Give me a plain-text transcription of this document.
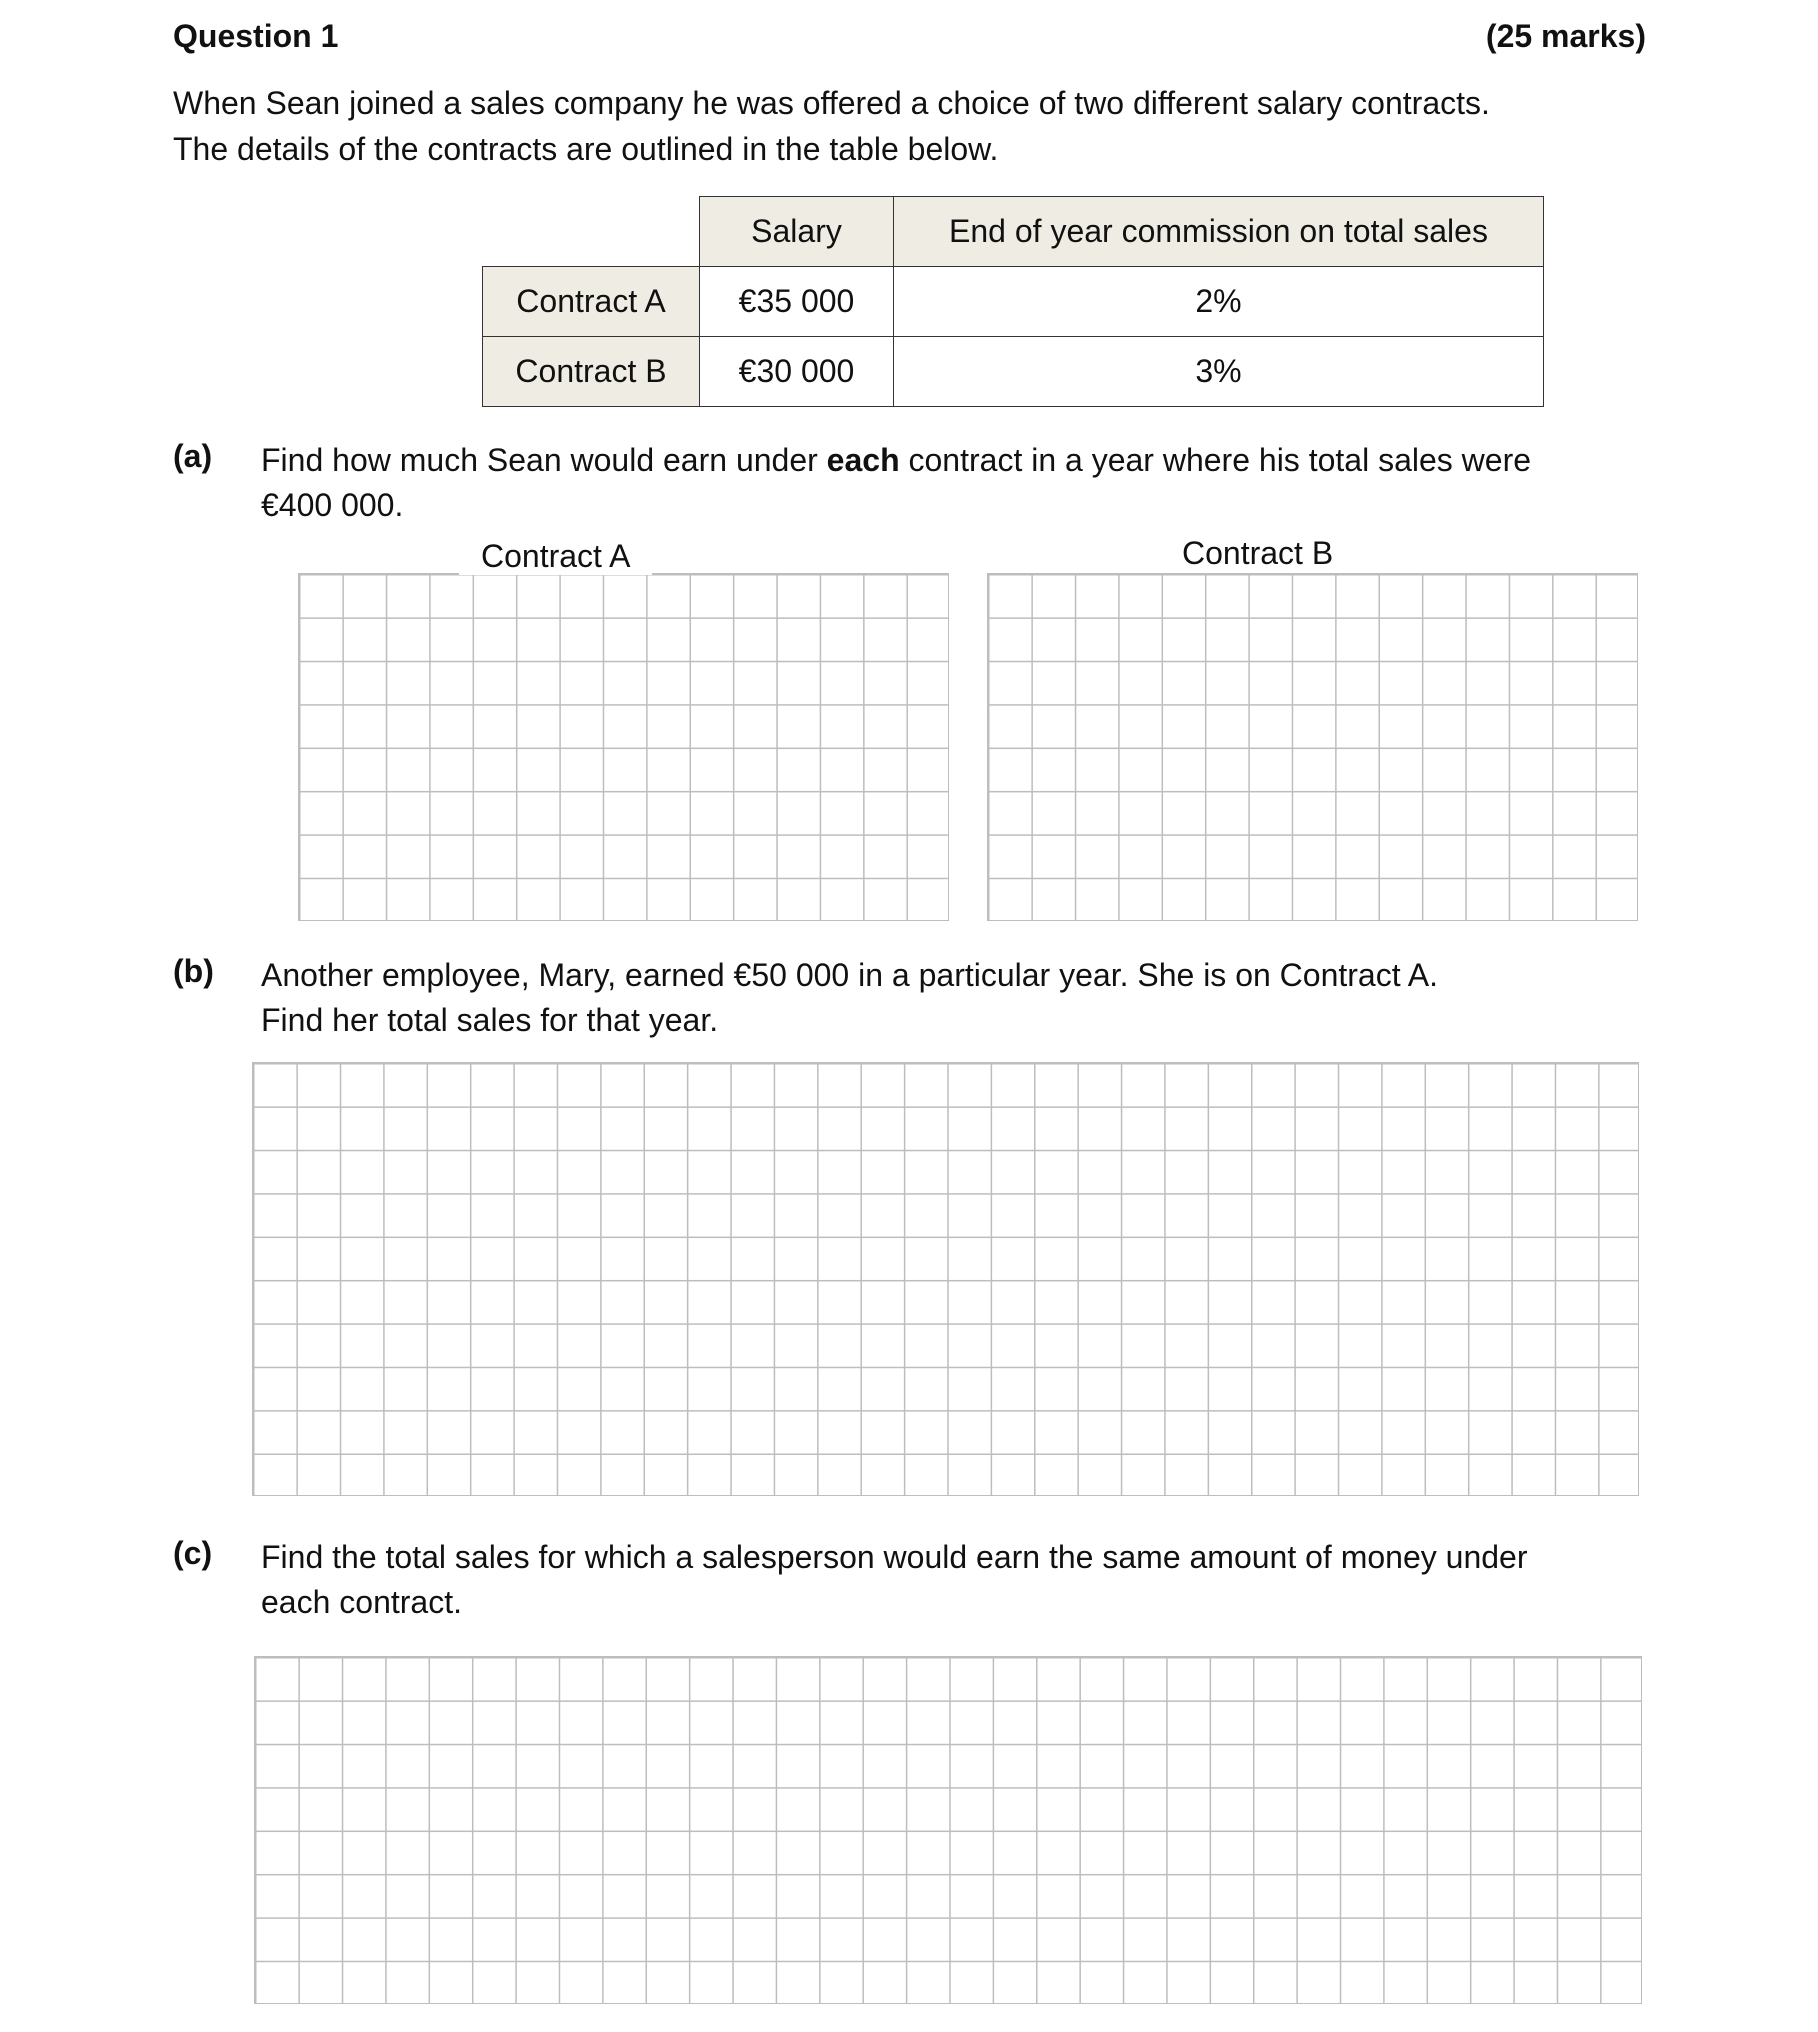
Question 1	(25 marks)
When Sean joined a sales company he was offered a choice of two different salary contracts.
The details of the contracts are outlined in the table below.
	Salary	End of year commission on total sales
Contract A	€35 000	2%
Contract B	€30 000	3%
(a) Find how much Sean would earn under each contract in a year where his total sales were
€400 000.
Contract A	Contract B
(b) Another employee, Mary, earned €50 000 in a particular year. She is on Contract A.
Find her total sales for that year.
(c) Find the total sales for which a salesperson would earn the same amount of money under
each contract.
